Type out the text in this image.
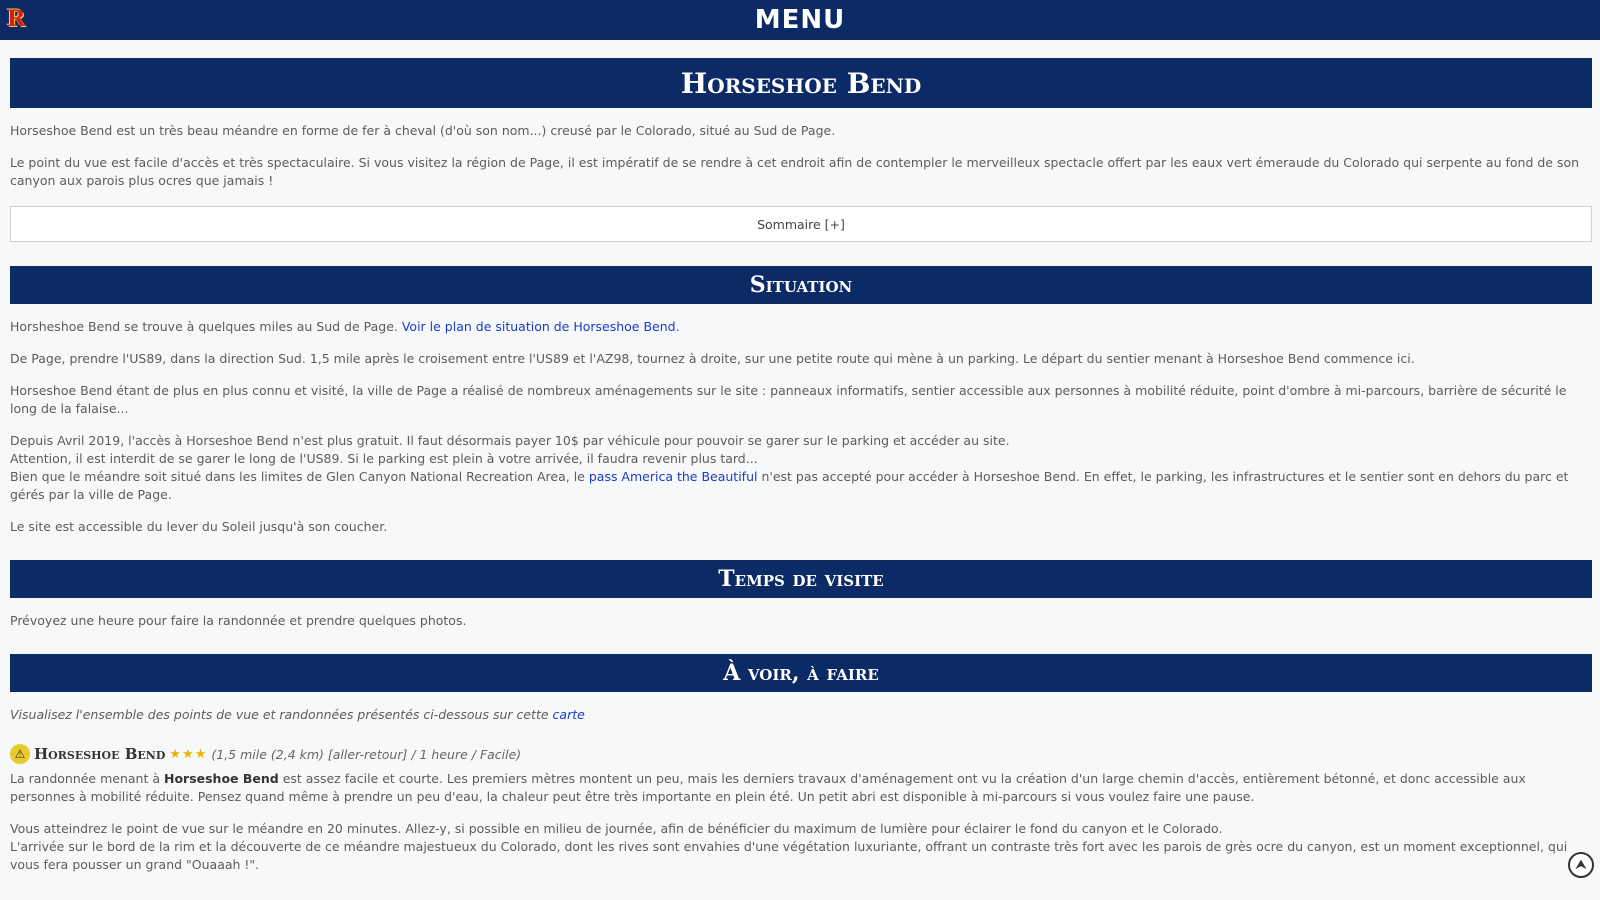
R	MENU
Horseshoe Bend

Horseshoe Bend est un très beau méandre en forme de fer à cheval (d'où son nom...) creusé par le Colorado, situé au Sud de Page.

Le point du vue est facile d'accès et très spectaculaire. Si vous visitez la région de Page, il est impératif de se rendre à cet endroit afin de contempler le merveilleux spectacle offert par les eaux vert émeraude du Colorado qui serpente au fond de son canyon aux parois plus ocres que jamais !

Sommaire [+]
Situation

Horsheshoe Bend se trouve à quelques miles au Sud de Page. Voir le plan de situation de Horseshoe Bend.

De Page, prendre l'US89, dans la direction Sud. 1,5 mile après le croisement entre l'US89 et l'AZ98, tournez à droite, sur une petite route qui mène à un parking. Le départ du sentier menant à Horseshoe Bend commence ici.

Horseshoe Bend étant de plus en plus connu et visité, la ville de Page a réalisé de nombreux aménagements sur le site : panneaux informatifs, sentier accessible aux personnes à mobilité réduite, point d'ombre à mi-parcours, barrière de sécurité le long de la falaise...

Depuis Avril 2019, l'accès à Horseshoe Bend n'est plus gratuit. Il faut désormais payer 10$ par véhicule pour pouvoir se garer sur le parking et accéder au site.
Attention, il est interdit de se garer le long de l'US89. Si le parking est plein à votre arrivée, il faudra revenir plus tard...
Bien que le méandre soit situé dans les limites de Glen Canyon National Recreation Area, le pass America the Beautiful n'est pas accepté pour accéder à Horseshoe Bend. En effet, le parking, les infrastructures et le sentier sont en dehors du parc et gérés par la ville de Page.

Le site est accessible du lever du Soleil jusqu'à son coucher.

Temps de visite

Prévoyez une heure pour faire la randonnée et prendre quelques photos.

À voir, à faire

Visualisez l'ensemble des points de vue et randonnées présentés ci-dessous sur cette carte

⚠ Horseshoe Bend ★★★ (1,5 mile (2,4 km) [aller-retour] / 1 heure / Facile)

La randonnée menant à Horseshoe Bend est assez facile et courte. Les premiers mètres montent un peu, mais les derniers travaux d'aménagement ont vu la création d'un large chemin d'accès, entièrement bétonné, et donc accessible aux personnes à mobilité réduite. Pensez quand même à prendre un peu d'eau, la chaleur peut être très importante en plein été. Un petit abri est disponible à mi-parcours si vous voulez faire une pause.

Vous atteindrez le point de vue sur le méandre en 20 minutes. Allez-y, si possible en milieu de journée, afin de bénéficier du maximum de lumière pour éclairer le fond du canyon et le Colorado.
L'arrivée sur le bord de la rim et la découverte de ce méandre majestueux du Colorado, dont les rives sont envahies d'une végétation luxuriante, offrant un contraste très fort avec les parois de grès ocre du canyon, est un moment exceptionnel, qui vous fera pousser un grand "Ouaaah !".	⮝
